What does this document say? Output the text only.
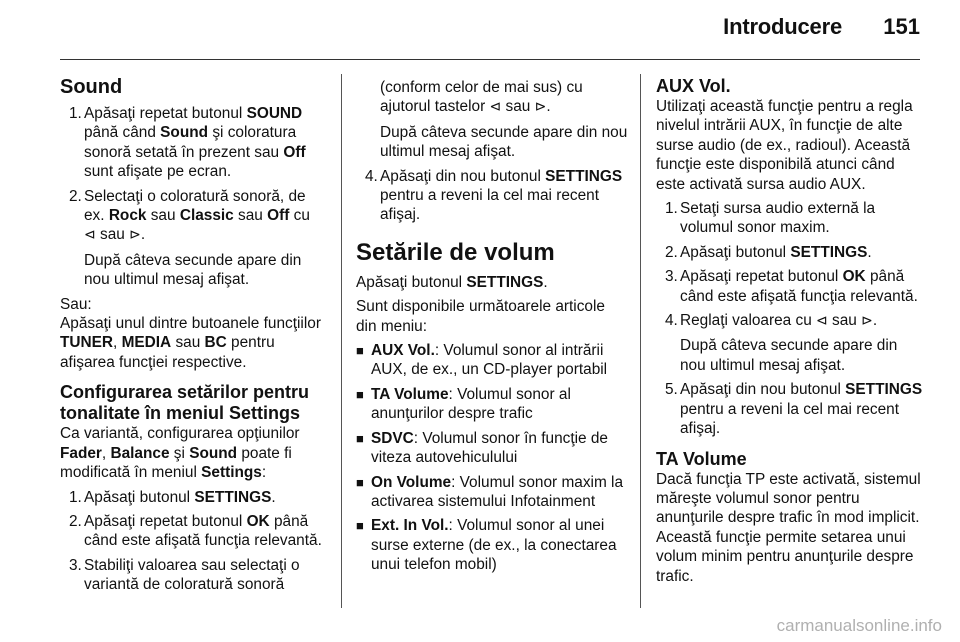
Introducere 151
Sound
1. Apăsaţi repetat butonul SOUND până când Sound şi coloratura sonoră setată în prezent sau Off sunt afişate pe ecran.
2. Selectaţi o coloratură sonoră, de ex. Rock sau Classic sau Off cu
⊲ sau ⊳.

După câteva secunde apare din nou ultimul mesaj afişat.

Sau:

Apăsaţi unul dintre butoanele funcţiilor TUNER, MEDIA sau BC pentru afişarea funcţiei respective.

Configurarea setărilor pentru tonalitate în meniul Settings

Ca variantă, configurarea opţiunilor Fader, Balance şi Sound poate fi modificată în meniul Settings:

1. Apăsaţi butonul SETTINGS.
2. Apăsaţi repetat butonul OK până când este afişată funcţia relevantă.
3. Stabiliţi valoarea sau selectaţi o variantă de coloratură sonoră

(conform celor de mai sus) cu ajutorul tastelor ⊲ sau ⊳.

După câteva secunde apare din nou ultimul mesaj afişat.

4. Apăsaţi din nou butonul SETTINGS pentru a reveni la cel mai recent afişaj.
Setările de volum

Apăsaţi butonul SETTINGS.

Sunt disponibile următoarele articole din meniu:

■ AUX Vol.: Volumul sonor al intrării AUX, de ex., un CD-player portabil
■ TA Volume: Volumul sonor al anunţurilor despre trafic
■ SDVC: Volumul sonor în funcţie de viteza autovehiculului
■ On Volume: Volumul sonor maxim la activarea sistemului Infotainment
■ Ext. In Vol.: Volumul sonor al unei surse externe (de ex., la conectarea unui telefon mobil)
AUX Vol.

Utilizaţi această funcţie pentru a regla nivelul intrării AUX, în funcţie de alte surse audio (de ex., radioul). Această funcţie este disponibilă atunci când este activată sursa audio AUX.

1. Setaţi sursa audio externă la volumul sonor maxim.
2. Apăsaţi butonul SETTINGS.
3. Apăsaţi repetat butonul OK până când este afişată funcţia relevantă.
4. Reglaţi valoarea cu ⊲ sau ⊳.

După câteva secunde apare din nou ultimul mesaj afişat.

5. Apăsaţi din nou butonul SETTINGS pentru a reveni la cel mai recent afişaj.
TA Volume

Dacă funcţia TP este activată, sistemul măreşte volumul sonor pentru anunţurile despre trafic în mod implicit. Această funcţie permite setarea unui volum minim pentru anunţurile despre trafic.

carmanualsonline.info
